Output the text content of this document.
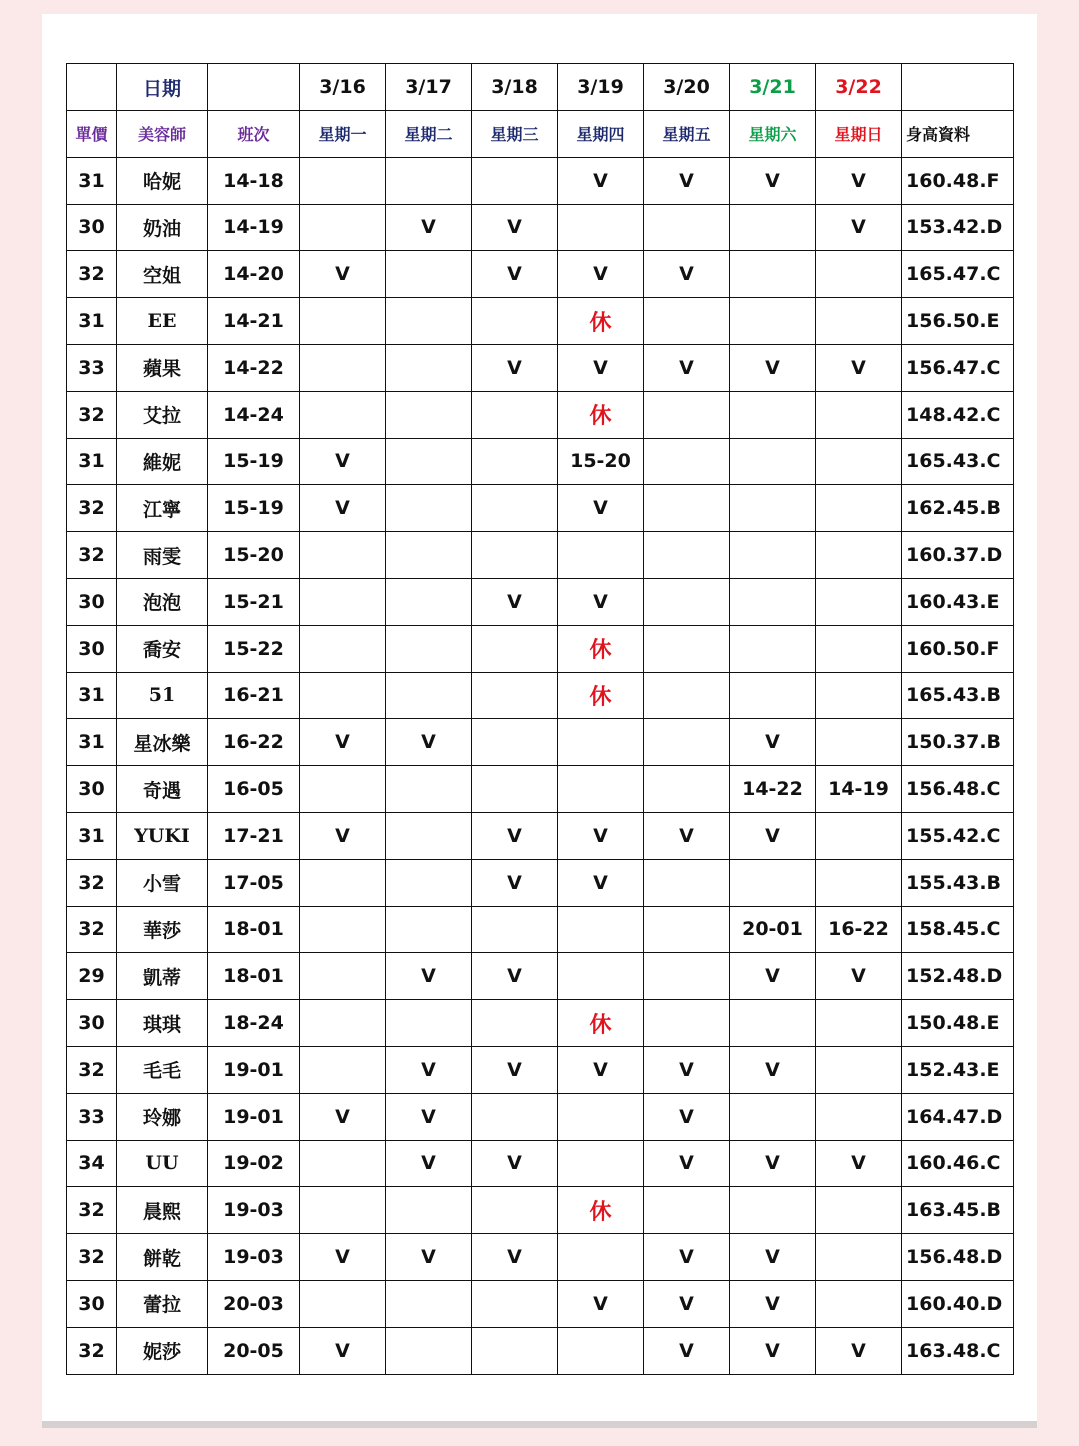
	日期		3/16	3/17	3/18	3/19	3/20	3/21	3/22	
單價	美容師	班次	星期一	星期二	星期三	星期四	星期五	星期六	星期日	身高資料
31	哈妮	14-18				V	V	V	V	160.48.F
30	奶油	14-19		V	V				V	153.42.D
32	空姐	14-20	V		V	V	V			165.47.C
31	EE	14-21				休				156.50.E
33	蘋果	14-22			V	V	V	V	V	156.47.C
32	艾拉	14-24				休				148.42.C
31	維妮	15-19	V			15-20				165.43.C
32	江寧	15-19	V			V				162.45.B
32	雨雯	15-20								160.37.D
30	泡泡	15-21			V	V				160.43.E
30	喬安	15-22				休				160.50.F
31	51	16-21				休				165.43.B
31	星冰樂	16-22	V	V				V		150.37.B
30	奇遇	16-05						14-22	14-19	156.48.C
31	YUKI	17-21	V		V	V	V	V		155.42.C
32	小雪	17-05			V	V				155.43.B
32	華莎	18-01						20-01	16-22	158.45.C
29	凱蒂	18-01		V	V			V	V	152.48.D
30	琪琪	18-24				休				150.48.E
32	毛毛	19-01		V	V	V	V	V		152.43.E
33	玲娜	19-01	V	V			V			164.47.D
34	UU	19-02		V	V		V	V	V	160.46.C
32	晨熙	19-03				休				163.45.B
32	餅乾	19-03	V	V	V		V	V		156.48.D
30	蕾拉	20-03				V	V	V		160.40.D
32	妮莎	20-05	V				V	V	V	163.48.C
